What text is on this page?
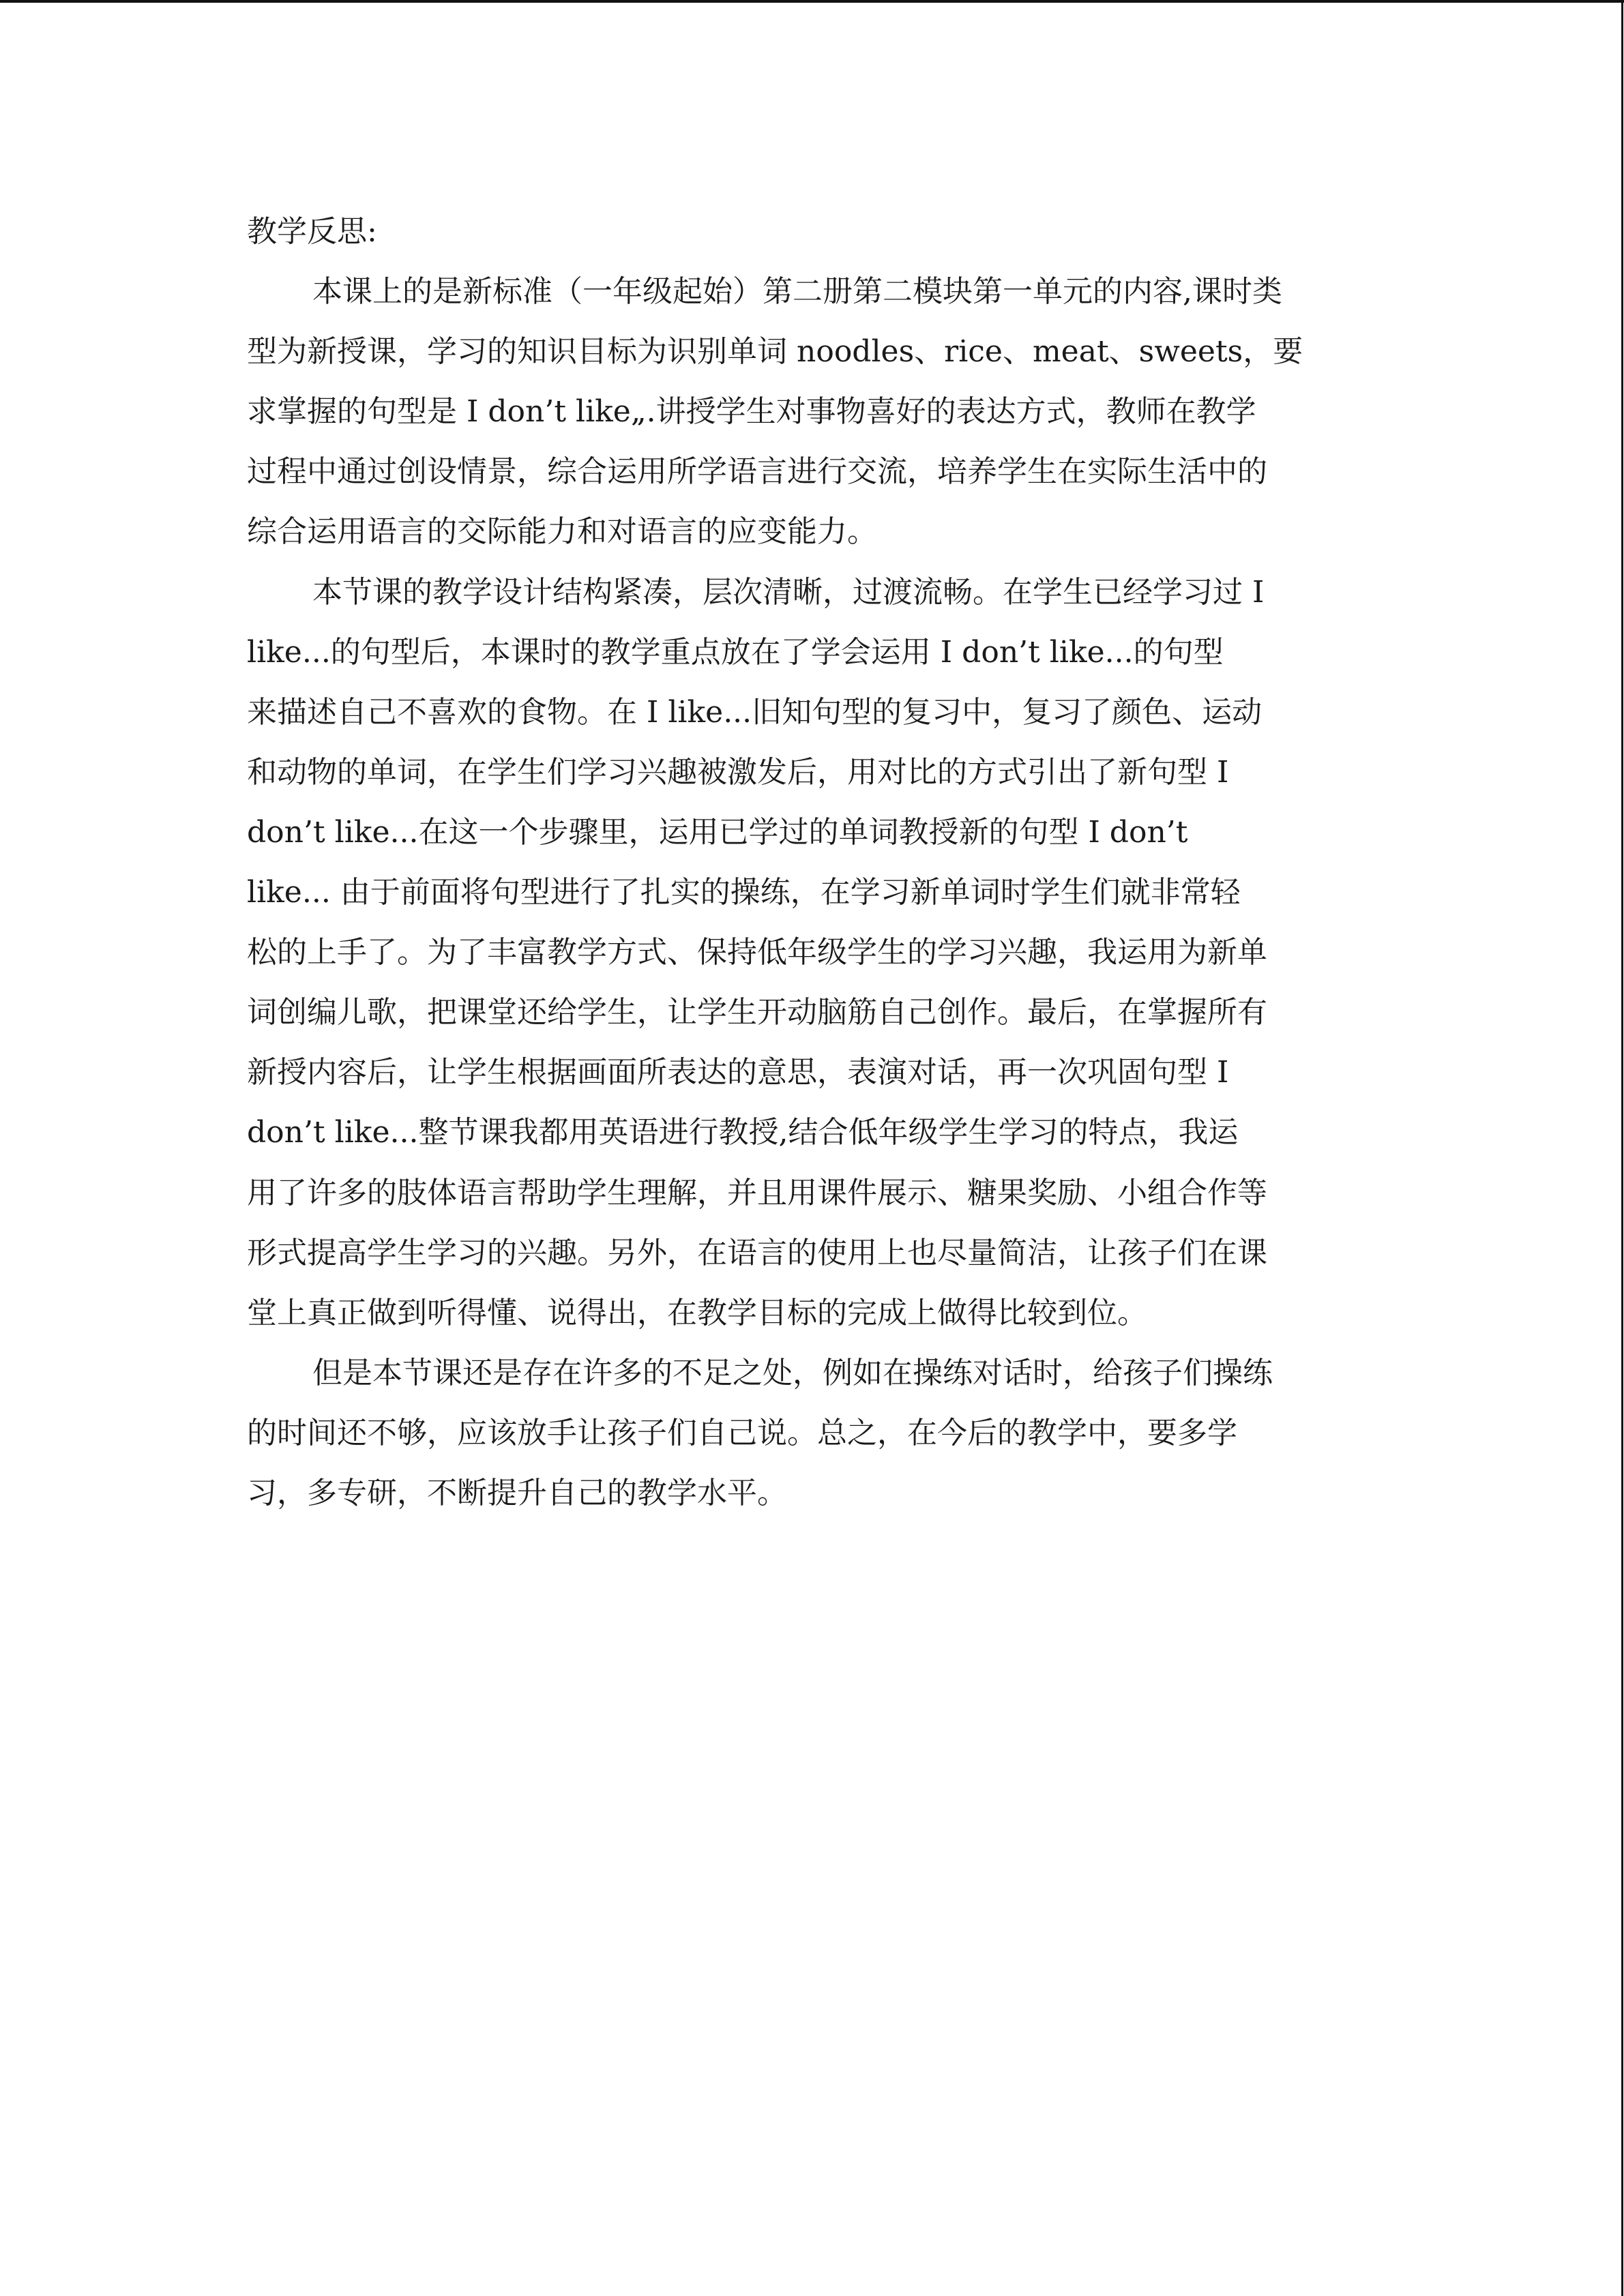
教学反思:
本课上的是新标准（一年级起始）第二册第二模块第一单元的内容,课时类
型为新授课，学习的知识目标为识别单词 noodles、rice、meat、sweets，要
求掌握的句型是 I don’t like„.讲授学生对事物喜好的表达方式，教师在教学
过程中通过创设情景，综合运用所学语言进行交流，培养学生在实际生活中的
综合运用语言的交际能力和对语言的应变能力。
本节课的教学设计结构紧凑，层次清晰，过渡流畅。在学生已经学习过 I
like...的句型后，本课时的教学重点放在了学会运用 I don’t like...的句型
来描述自己不喜欢的食物。在 I like...旧知句型的复习中，复习了颜色、运动
和动物的单词，在学生们学习兴趣被激发后，用对比的方式引出了新句型 I
don’t like...在这一个步骤里，运用已学过的单词教授新的句型 I don’t
like... 由于前面将句型进行了扎实的操练，在学习新单词时学生们就非常轻
松的上手了。为了丰富教学方式、保持低年级学生的学习兴趣，我运用为新单
词创编儿歌，把课堂还给学生，让学生开动脑筋自己创作。最后，在掌握所有
新授内容后，让学生根据画面所表达的意思，表演对话，再一次巩固句型 I
don’t like...整节课我都用英语进行教授,结合低年级学生学习的特点，我运
用了许多的肢体语言帮助学生理解，并且用课件展示、糖果奖励、小组合作等
形式提高学生学习的兴趣。另外，在语言的使用上也尽量简洁，让孩子们在课
堂上真正做到听得懂、说得出，在教学目标的完成上做得比较到位。
但是本节课还是存在许多的不足之处，例如在操练对话时，给孩子们操练
的时间还不够，应该放手让孩子们自己说。总之，在今后的教学中，要多学
习，多专研，不断提升自己的教学水平。
